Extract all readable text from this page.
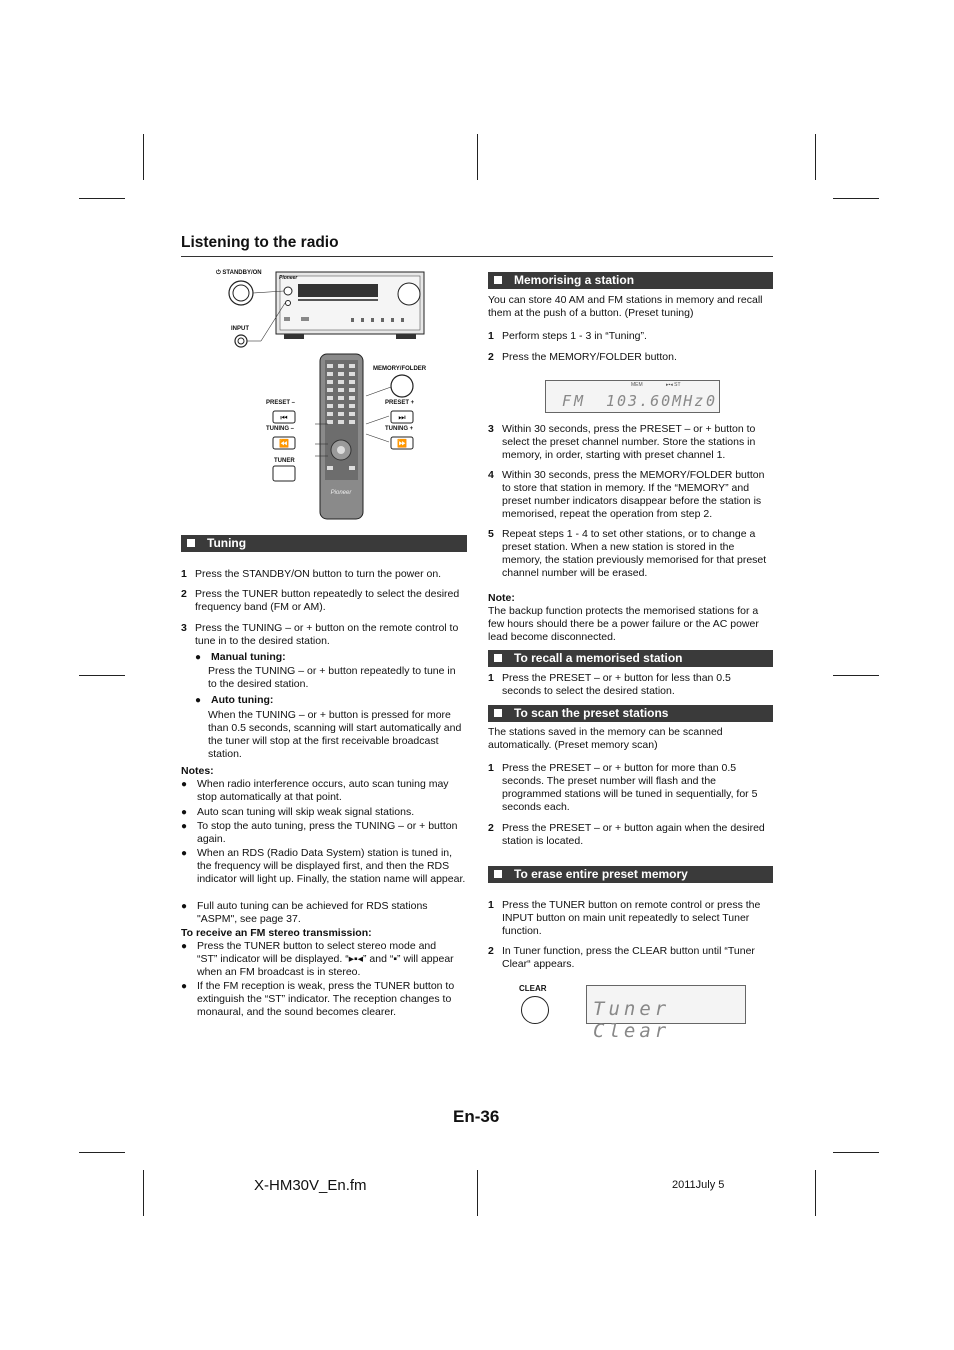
Listening to the radio
Pioneer
⏮
⏪
⏭
⏩
⏻ STANDBY/ON
INPUT
MEMORY/FOLDER
PRESET –	PRESET +
TUNING –	TUNING +
TUNER
Pioneer
Tuning
1 Press the STANDBY/ON button to turn the power on.
2 Press the TUNER button repeatedly to select the desired frequency band (FM or AM).
3 Press the TUNING – or + button on the remote control to tune in to the desired station.
● Manual tuning:
Press the TUNING – or + button repeatedly to tune in to the desired station.
● Auto tuning:
When the TUNING – or + button is pressed for more than 0.5 seconds, scanning will start automatically and the tuner will stop at the first receivable broadcast station.
Notes:
● When radio interference occurs, auto scan tuning may stop automatically at that point.
● Auto scan tuning will skip weak signal stations.
● To stop the auto tuning, press the TUNING – or + button again.
● When an RDS (Radio Data System) station is tuned in, the frequency will be displayed first, and then the RDS indicator will light up. Finally, the station name will appear.
● Full auto tuning can be achieved for RDS stations "ASPM", see page 37.
To receive an FM stereo transmission:
● Press the TUNER button to select stereo mode and “ST” indicator will be displayed. “▸▪◂” and “▪” will appear when an FM broadcast is in stereo.
● If the FM reception is weak, press the TUNER button to extinguish the “ST” indicator. The reception changes to monaural, and the sound becomes clearer.
Memorising a station
You can store 40 AM and FM stations in memory and recall them at the push of a button. (Preset tuning)
1 Perform steps 1 - 3 in “Tuning”.
2 Press the MEMORY/FOLDER button.
MEM	▸▪◂ ST
FM 103.60MHz 0
3 Within 30 seconds, press the PRESET – or + button to select the preset channel number. Store the stations in memory, in order, starting with preset channel 1.
4 Within 30 seconds, press the MEMORY/FOLDER button to store that station in memory. If the “MEMORY” and preset number indicators disappear before the station is memorised, repeat the operation from step 2.
5 Repeat steps 1 - 4 to set other stations, or to change a preset station. When a new station is stored in the memory, the station previously memorised for that preset channel number will be erased.
Note:
The backup function protects the memorised stations for a few hours should there be a power failure or the AC power lead become disconnected.
To recall a memorised station
1 Press the PRESET – or + button for less than 0.5 seconds to select the desired station.
To scan the preset stations
The stations saved in the memory can be scanned automatically. (Preset memory scan)
1 Press the PRESET – or + button for more than 0.5 seconds. The preset number will flash and the programmed stations will be tuned in sequentially, for 5 seconds each.
2 Press the PRESET – or + button again when the desired station is located.
To erase entire preset memory
1 Press the TUNER button on remote control or press the INPUT button on main unit repeatedly to select Tuner function.
2 In Tuner function, press the CLEAR button until “Tuner Clear“ appears.
CLEAR
Tuner Clear
En-36
X-HM30V_En.fm	2011July 5
